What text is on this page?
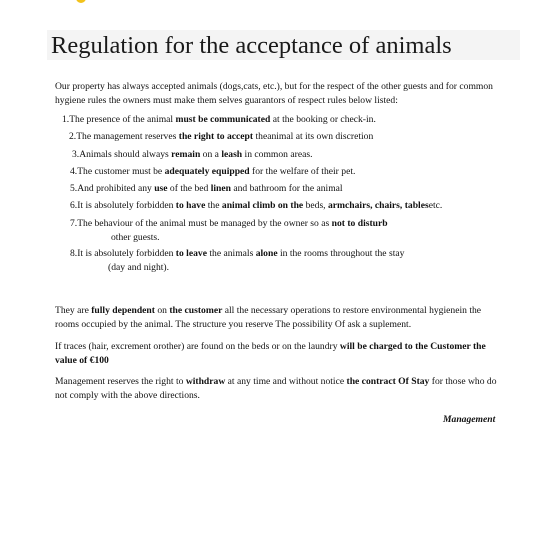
Regulation for the acceptance of animals

Our property has always accepted animals (dogs,cats, etc.), but for the respect of the other guests and for common hygiene rules the owners must make them selves guarantors of respect rules below listed:

1.The presence of the animal must be communicated at the booking or check-in.
2.The management reserves the right to accept theanimal at its own discretion
3.Animals should always remain on a leash in common areas.
4.The customer must be adequately equipped for the welfare of their pet.
5.And prohibited any use of the bed linen and bathroom for the animal
6.It is absolutely forbidden to have the animal climb on the beds, armchairs, chairs, tablesetc.
7.The behaviour of the animal must be managed by the owner so as not to disturb
other guests.
8.It is absolutely forbidden to leave the animals alone in the rooms throughout the stay
(day and night).

They are fully dependent on the customer all the necessary operations to restore environmental hygienein the rooms occupied by the animal. The structure you reserve The possibility Of ask a suplement.

If traces (hair, excrement orother) are found on the beds or on the laundry will be charged to the Customer the value of €100

Management reserves the right to withdraw at any time and without notice the contract Of Stay for those who do not comply with the above directions.

Management
